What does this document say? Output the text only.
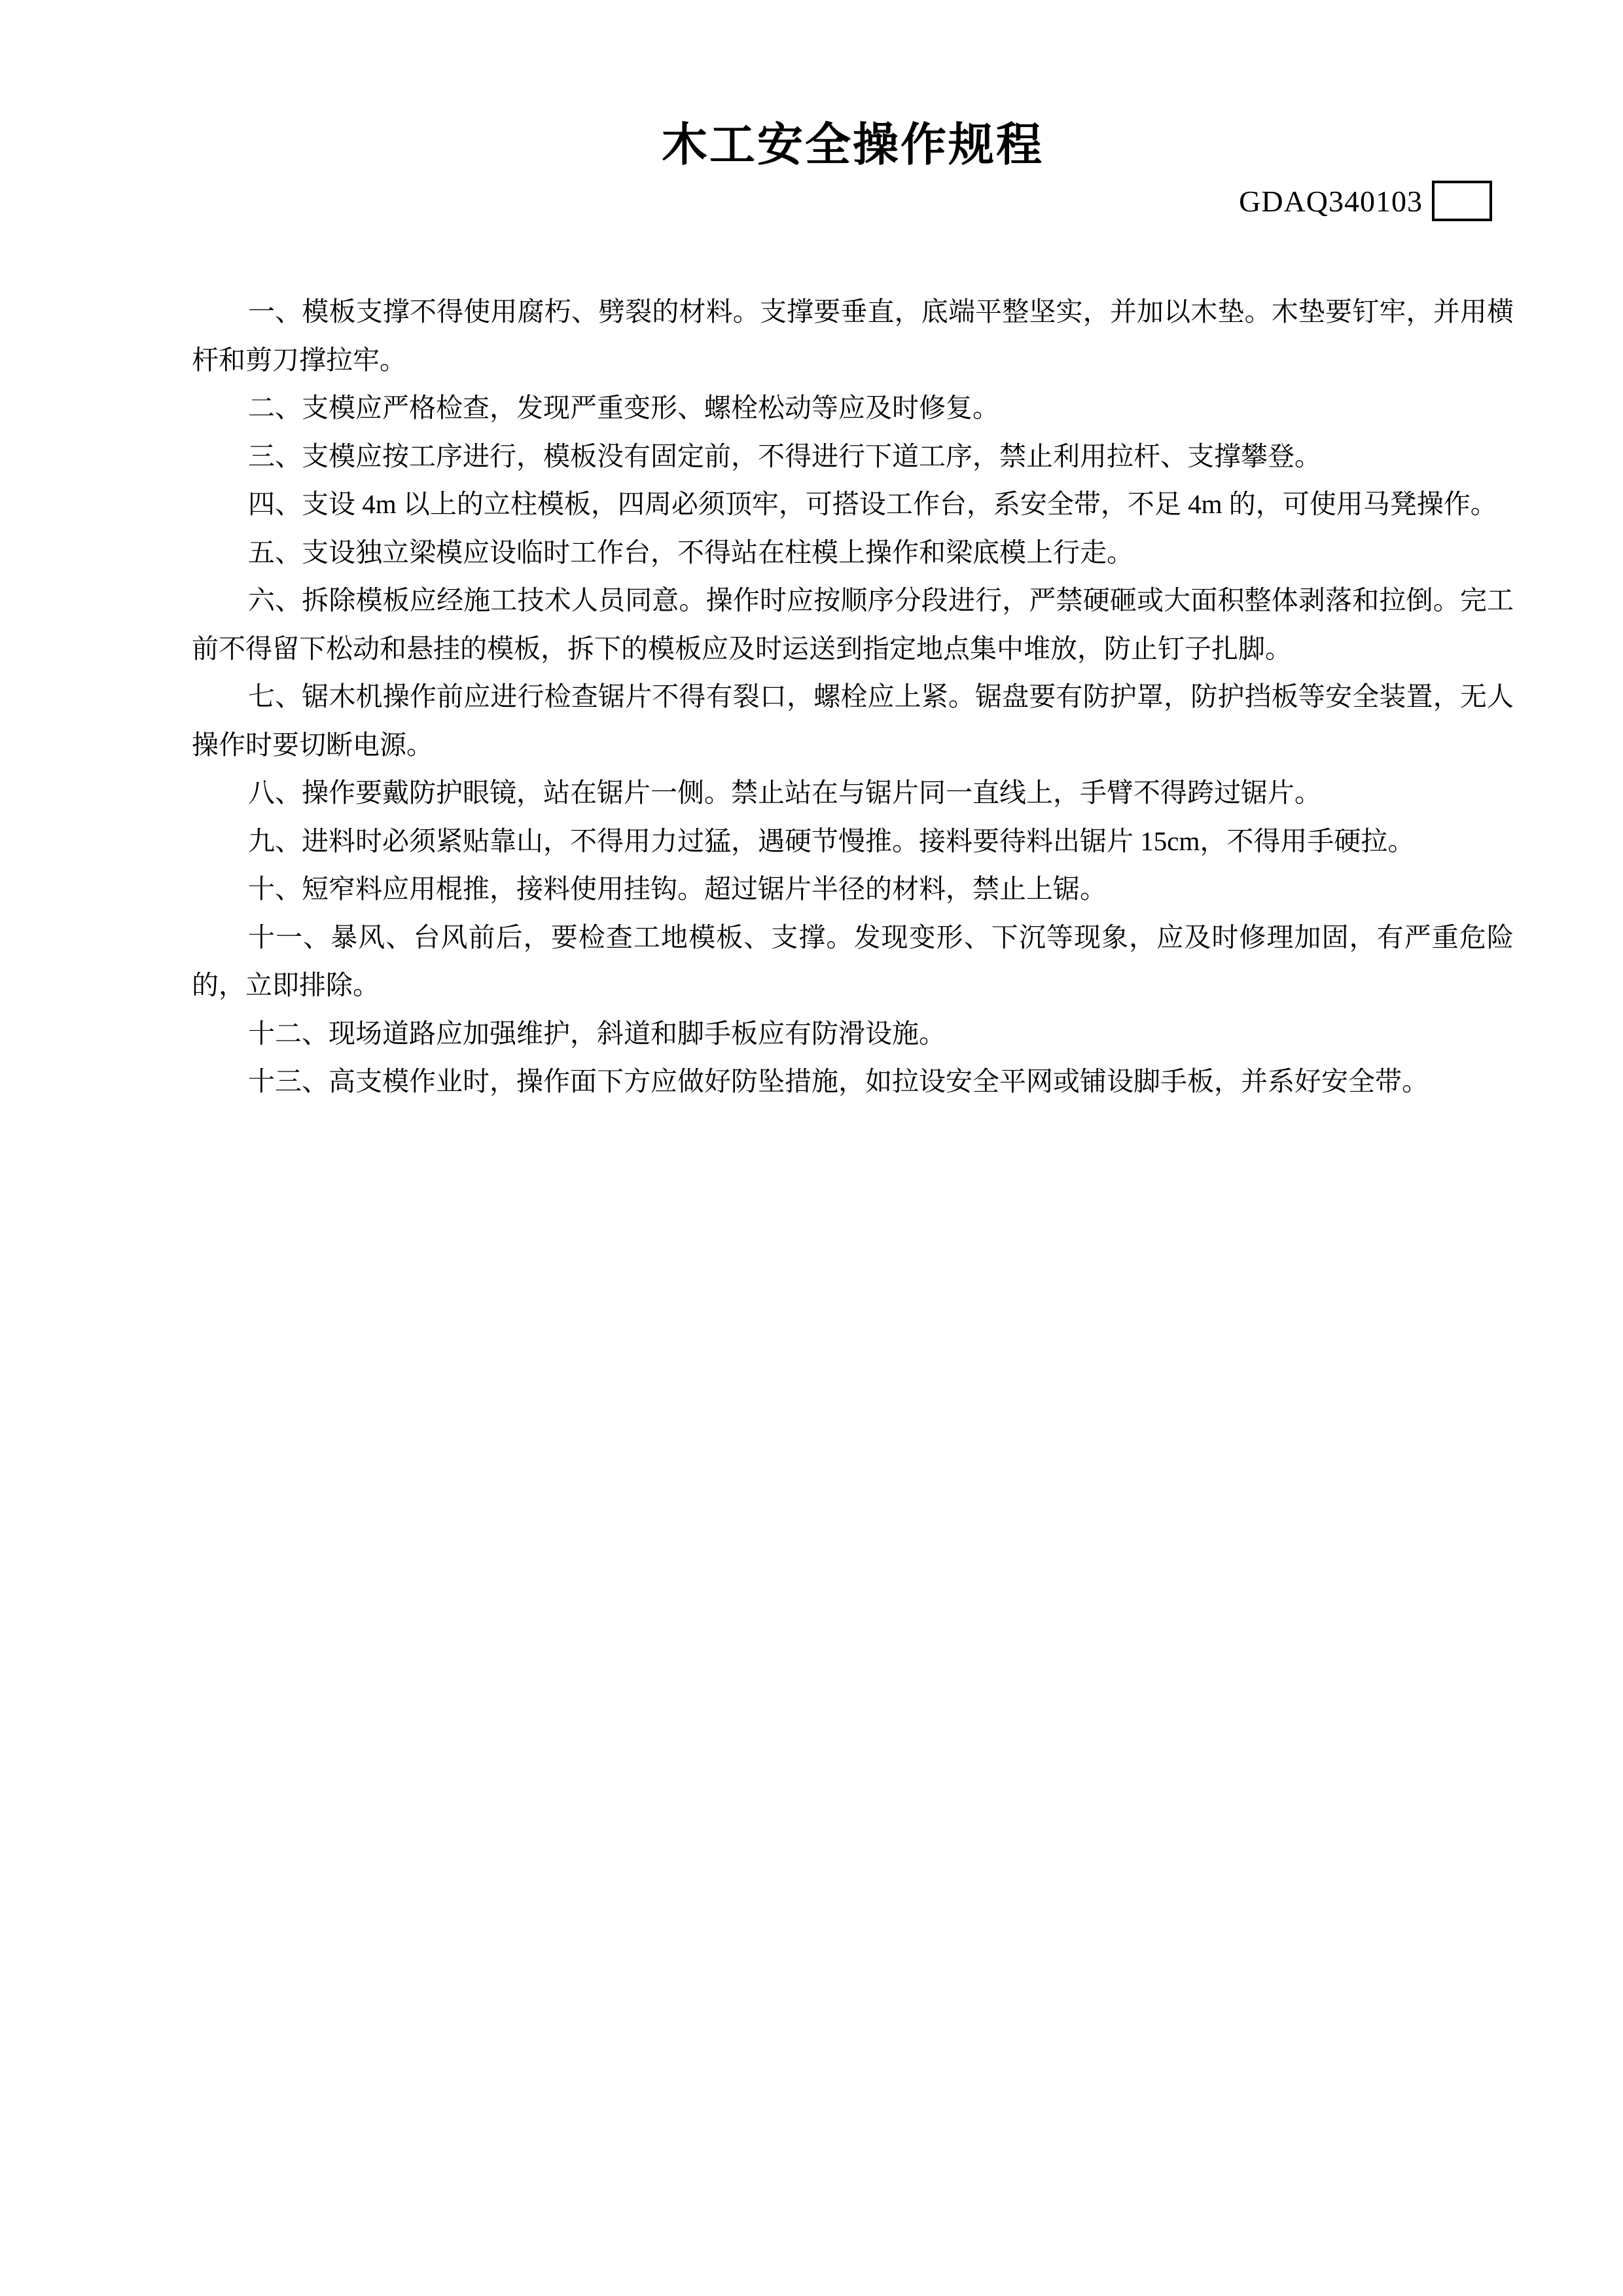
木工安全操作规程
GDAQ340103

一、模板支撑不得使用腐朽、劈裂的材料。支撑要垂直，底端平整坚实，并加以木垫。木垫要钉牢，并用横杆和剪刀撑拉牢。

二、支模应严格检查，发现严重变形、螺栓松动等应及时修复。

三、支模应按工序进行，模板没有固定前，不得进行下道工序，禁止利用拉杆、支撑攀登。

四、支设 4m 以上的立柱模板，四周必须顶牢，可搭设工作台，系安全带，不足 4m 的，可使用马凳操作。

五、支设独立梁模应设临时工作台，不得站在柱模上操作和梁底模上行走。

六、拆除模板应经施工技术人员同意。操作时应按顺序分段进行，严禁硬砸或大面积整体剥落和拉倒。完工前不得留下松动和悬挂的模板，拆下的模板应及时运送到指定地点集中堆放，防止钉子扎脚。

七、锯木机操作前应进行检查锯片不得有裂口，螺栓应上紧。锯盘要有防护罩，防护挡板等安全装置，无人操作时要切断电源。

八、操作要戴防护眼镜，站在锯片一侧。禁止站在与锯片同一直线上，手臂不得跨过锯片。

九、进料时必须紧贴靠山，不得用力过猛，遇硬节慢推。接料要待料出锯片 15cm，不得用手硬拉。

十、短窄料应用棍推，接料使用挂钩。超过锯片半径的材料，禁止上锯。

十一、暴风、台风前后，要检查工地模板、支撑。发现变形、下沉等现象，应及时修理加固，有严重危险的，立即排除。

十二、现场道路应加强维护，斜道和脚手板应有防滑设施。

十三、高支模作业时，操作面下方应做好防坠措施，如拉设安全平网或铺设脚手板，并系好安全带。
